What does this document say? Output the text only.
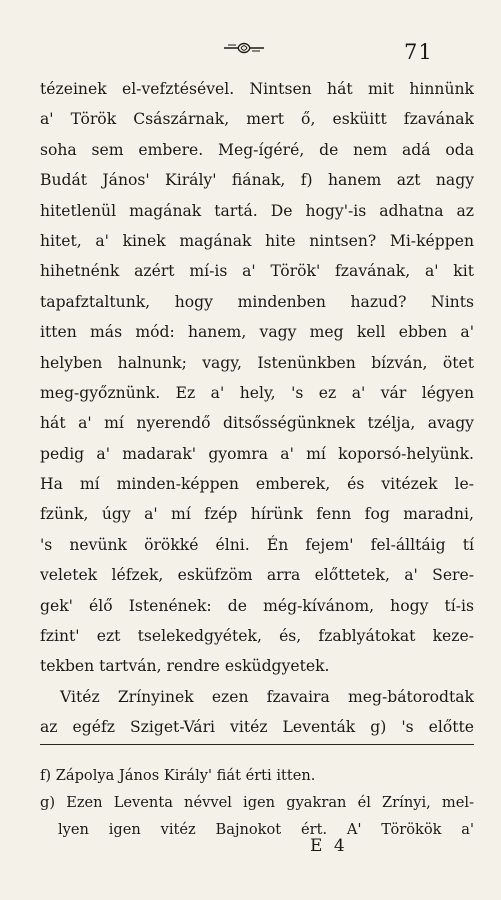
71
tézeinek el-vefztésével. Nintsen hát mit hinnünk
a' Török Császárnak, mert ő, esküitt fzavának
soha sem embere. Meg-ígéré, de nem adá oda
Budát János' Király' fiának, f) hanem azt nagy
hitetlenül magának tartá. De hogy'-is adhatna az
hitet, a' kinek magának hite nintsen? Mi-képpen
hihetnénk azért mí-is a' Török' fzavának, a' kit
tapafztaltunk, hogy mindenben hazud? Nints
itten más mód: hanem, vagy meg kell ebben a'
helyben halnunk; vagy, Istenünkben bízván, ötet
meg-győznünk. Ez a' hely, 's ez a' vár légyen
hát a' mí nyerendő ditsősségünknek tzélja, avagy
pedig a' madarak' gyomra a' mí koporsó-helyünk.
Ha mí minden-képpen emberek, és vitézek le-
fzünk, úgy a' mí fzép hírünk fenn fog maradni,
's nevünk örökké élni. Én fejem' fel-álltáig tí
veletek léfzek, esküfzöm arra előttetek, a' Sere-
gek' élő Istenének: de még-kívánom, hogy tí-is
fzint' ezt tselekedgyétek, és, fzablyátokat keze-
tekben tartván, rendre esküdgyetek.
Vitéz Zrínyinek ezen fzavaira meg-bátorodtak
az egéfz Sziget-Vári vitéz Leventák g) 's előtte
f) Zápolya János Király' fiát érti itten.
g) Ezen Leventa névvel igen gyakran él Zrínyi, mel-
lyen igen vitéz Bajnokot ért. A' Törökök a'
E 4
